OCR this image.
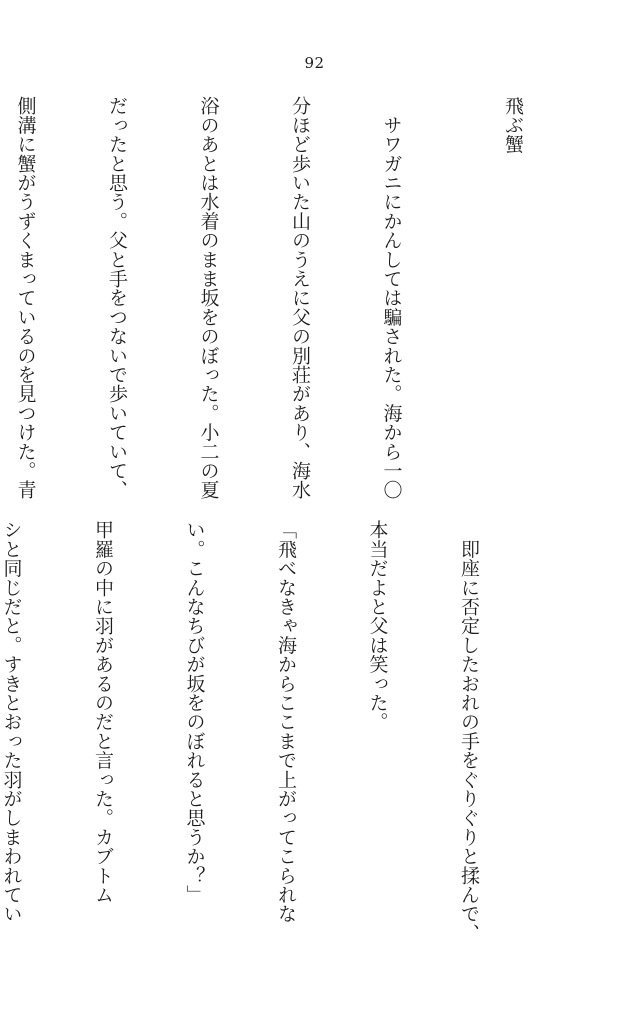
92

飛ぶ蟹

　サワガニにかんしては騙された。海から一〇

分ほど歩いた山のうえに父の別荘があり、海水

浴のあとは水着のまま坂をのぼった。小二の夏

だったと思う。父と手をつないで歩いていて、

側溝に蟹がうずくまっているのを見つけた。青

　即座に否定したおれの手をぐりぐりと揉んで、

本当だよと父は笑った。

「飛べなきゃ海からここまで上がってこられな

い。こんなちびが坂をのぼれると思うか？」

甲羅の中に羽があるのだと言った。カブトム

シと同じだと。すきとおった羽がしまわれてい
